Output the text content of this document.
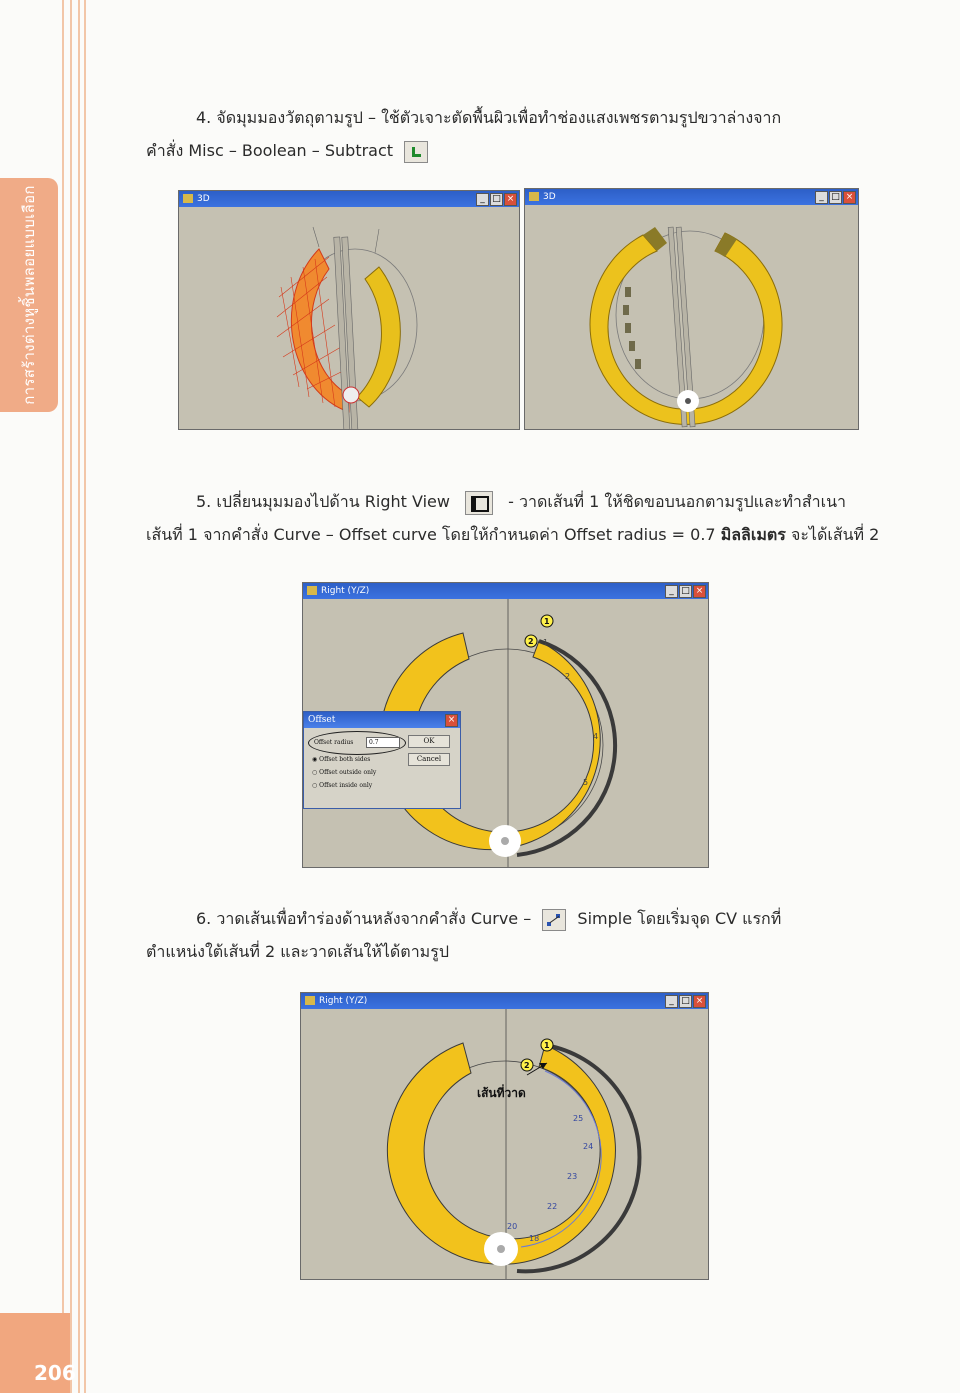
การสร้างต่างหูชิ้นพลอยแบบเลือก
206
4. จัดมุมมองวัตถุตามรูป – ใช้ตัวเจาะตัดพื้นผิวเพื่อทำช่องแสงเพชรตามรูปขวาล่างจาก
คำสั่ง Misc – Boolean – Subtract
3D	_ □ ×	3D	_ □ ×
5. เปลี่ยนมุมมองไปด้าน Right View	- วาดเส้นที่ 1 ให้ชิดขอบนอกตามรูปและทำสำเนา
เส้นที่ 1 จากคำสั่ง Curve – Offset curve โดยให้กำหนดค่า Offset radius = 0.7 มิลลิเมตร จะได้เส้นที่ 2
Right (Y/Z)	_ □ ×
1
2
4
5
1
2
Offset	×
Offset radius	0.7	OK
Cancel
◉ Offset both sides
○ Offset outside only
○ Offset inside only
6. วาดเส้นเพื่อทำร่องด้านหลังจากคำสั่ง Curve –	Simple โดยเริ่มจุด CV แรกที่
ตำแหน่งใต้เส้นที่ 2 และวาดเส้นให้ได้ตามรูป
Right (Y/Z)	_ □ ×
เส้นที่วาด
25
24
23
22
20
18
1
2
